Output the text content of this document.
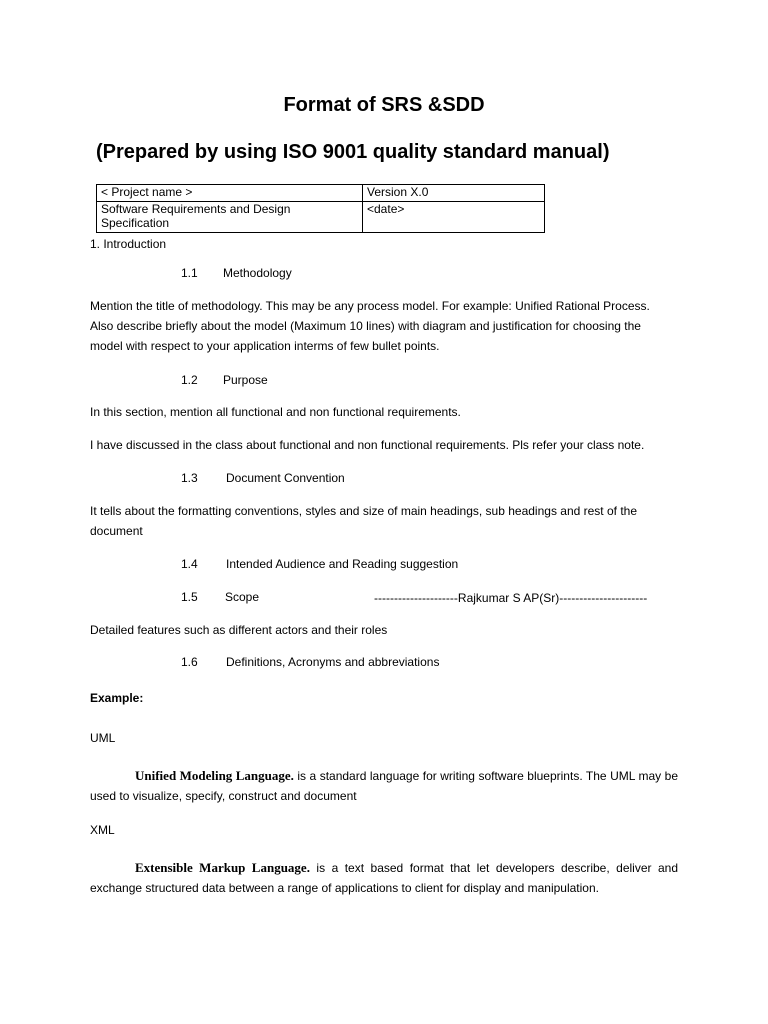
Format of SRS &SDD
(Prepared by using ISO 9001 quality standard manual)
< Project name >	Version X.0
Software Requirements and Design Specification	<date>
1. Introduction
1.1 Methodology
Mention the title of methodology. This may be any process model. For example: Unified Rational Process. Also describe briefly about the model (Maximum 10 lines) with diagram and justification for choosing the model with respect to your application interms of few bullet points.
1.2 Purpose
In this section, mention all functional and non functional requirements.
I have discussed in the class about functional and non functional requirements. Pls refer your class note.
1.3 Document Convention
It tells about the formatting conventions, styles and size of main headings, sub headings and rest of the document
1.4 Intended Audience and Reading suggestion
1.5 Scope	---------------------Rajkumar S AP(Sr)----------------------
Detailed features such as different actors and their roles
1.6 Definitions, Acronyms and abbreviations
Example:
UML
Unified Modeling Language. is a standard language for writing software blueprints. The UML may be used to visualize, specify, construct and document
XML
Extensible Markup Language. is a text based format that let developers describe, deliver and exchange structured data between a range of applications to client for display and manipulation.
